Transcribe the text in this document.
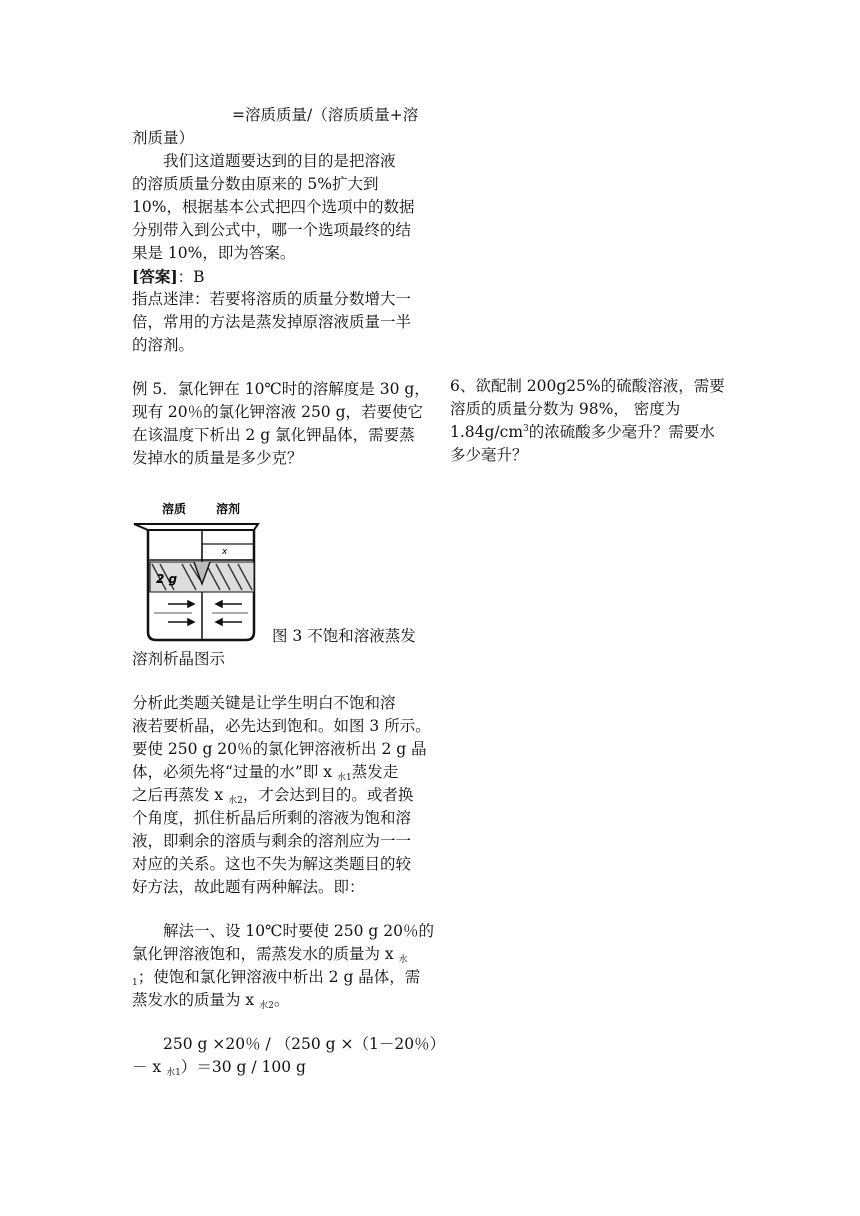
=溶质质量/（溶质质量+溶
剂质量）
我们这道题要达到的目的是把溶液
的溶质质量分数由原来的 5%扩大到
10%，根据基本公式把四个选项中的数据
分别带入到公式中，哪一个选项最终的结
果是 10%，即为答案。
[答案]：B
指点迷津：若要将溶质的质量分数增大一
倍，常用的方法是蒸发掉原溶液质量一半
的溶剂。
例 5．氯化钾在 10℃时的溶解度是 30 g，
现有 20％的氯化钾溶液 250 g，若要使它
在该温度下析出 2 g 氯化钾晶体，需要蒸
发掉水的质量是多少克？
溶质 溶剂
x
2 g
图 3 不饱和溶液蒸发
溶剂析晶图示
分析此类题关键是让学生明白不饱和溶
液若要析晶，必先达到饱和。如图 3 所示。
要使 250 g 20％的氯化钾溶液析出 2 g 晶
体，必须先将“过量的水”即 x $_{水1}$蒸发走
之后再蒸发 x $_{水2}$，才会达到目的。或者换
个角度，抓住析晶后所剩的溶液为饱和溶
液，即剩余的溶质与剩余的溶剂应为一一
对应的关系。这也不失为解这类题目的较
好方法，故此题有两种解法。即：
解法一、设 10℃时要使 250 g 20％的
氯化钾溶液饱和，需蒸发水的质量为 x $_水$
$_1$；使饱和氯化钾溶液中析出 2 g 晶体，需
蒸发水的质量为 x $_{水2}$。
250 g ×20％ / （250 g ×（1－20％）
－ x $_{水1}$）＝30 g / 100 g
6、欲配制 200g25%的硫酸溶液，需要
溶质的质量分数为 98%， 密度为
$1.84g/cm^3$的浓硫酸多少毫升？需要水
多少毫升？
